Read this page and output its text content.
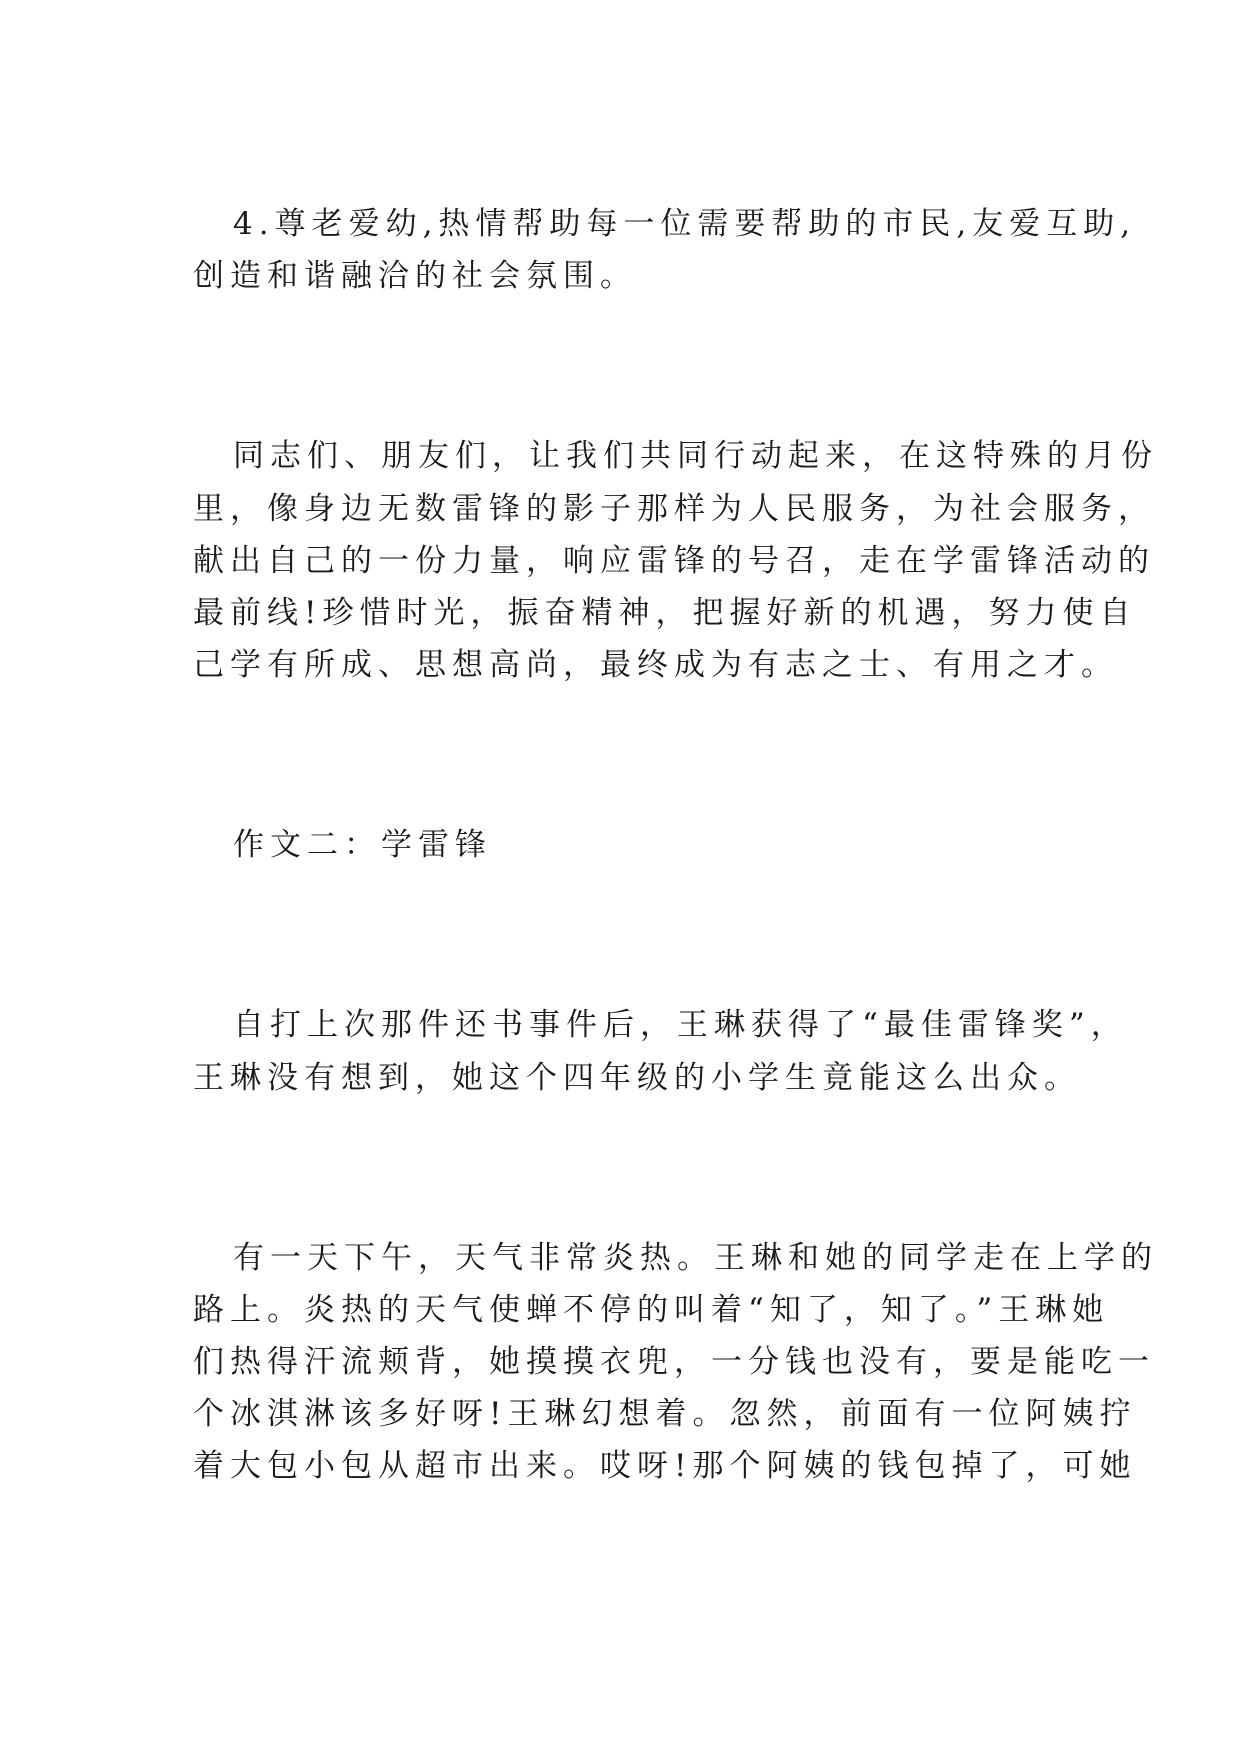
4.尊老爱幼,热情帮助每一位需要帮助的市民,友爱互助,
创造和谐融洽的社会氛围。
同志们、朋友们，让我们共同行动起来，在这特殊的月份
里，像身边无数雷锋的影子那样为人民服务，为社会服务，
献出自己的一份力量，响应雷锋的号召，走在学雷锋活动的
最前线!珍惜时光，振奋精神，把握好新的机遇，努力使自
己学有所成、思想高尚，最终成为有志之士、有用之才。
作文二：学雷锋
自打上次那件还书事件后，王琳获得了“最佳雷锋奖”，
王琳没有想到，她这个四年级的小学生竟能这么出众。
有一天下午，天气非常炎热。王琳和她的同学走在上学的
路上。炎热的天气使蝉不停的叫着“知了，知了。”王琳她
们热得汗流颊背，她摸摸衣兜，一分钱也没有，要是能吃一
个冰淇淋该多好呀!王琳幻想着。忽然，前面有一位阿姨拧
着大包小包从超市出来。哎呀!那个阿姨的钱包掉了，可她
